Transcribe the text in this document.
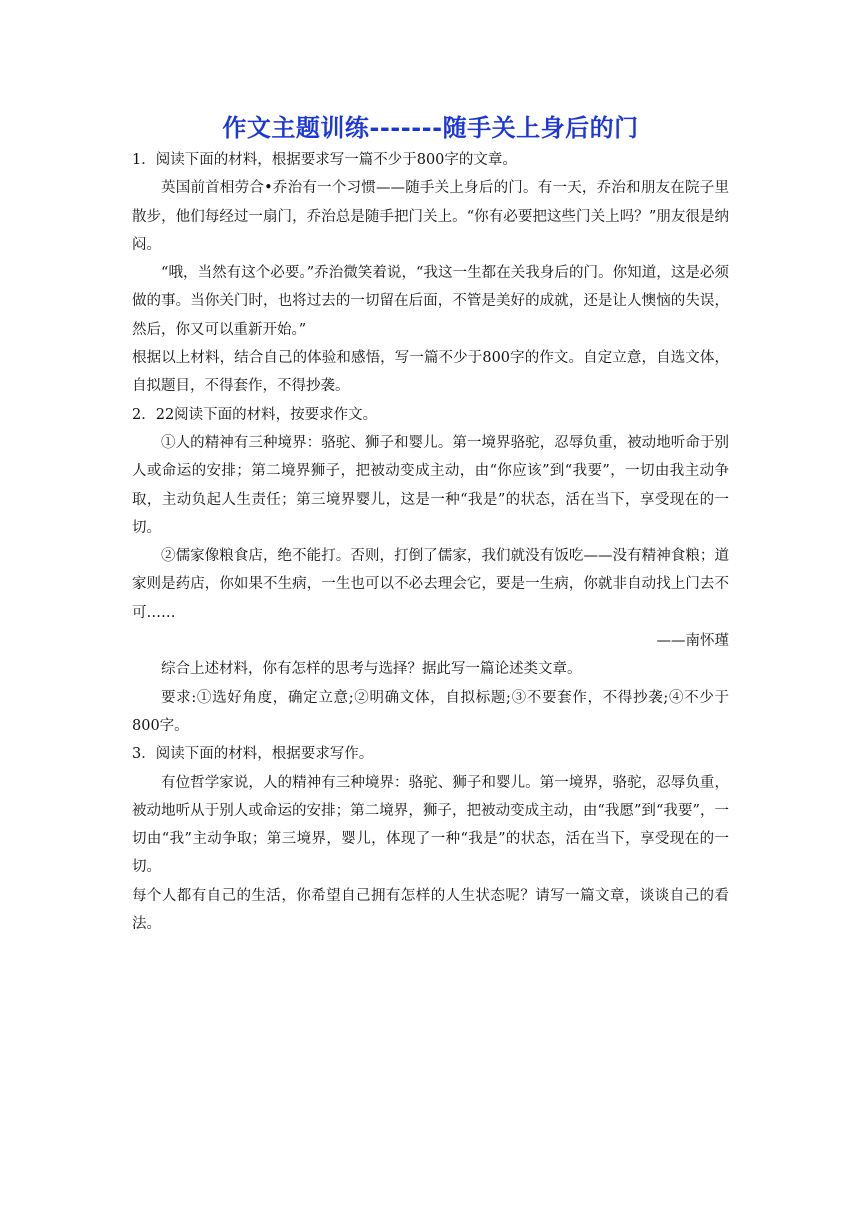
作文主题训练-------随手关上身后的门

1．阅读下面的材料，根据要求写一篇不少于800字的文章。

英国前首相劳合•乔治有一个习惯——随手关上身后的门。有一天，乔治和朋友在院子里散步，他们每经过一扇门，乔治总是随手把门关上。“你有必要把这些门关上吗？”朋友很是纳闷。

“哦，当然有这个必要。”乔治微笑着说，“我这一生都在关我身后的门。你知道，这是必须做的事。当你关门时，也将过去的一切留在后面，不管是美好的成就，还是让人懊恼的失误，然后，你又可以重新开始。”

根据以上材料，结合自己的体验和感悟，写一篇不少于800字的作文。自定立意，自选文体，自拟题目，不得套作，不得抄袭。

2．22阅读下面的材料，按要求作文。

①人的精神有三种境界：骆驼、狮子和婴儿。第一境界骆驼，忍辱负重，被动地听命于别人或命运的安排；第二境界狮子，把被动变成主动，由“你应该”到“我要”，一切由我主动争取，主动负起人生责任；第三境界婴儿，这是一种“我是”的状态，活在当下，享受现在的一切。

②儒家像粮食店，绝不能打。否则，打倒了儒家，我们就没有饭吃——没有精神食粮；道家则是药店，你如果不生病，一生也可以不必去理会它，要是一生病，你就非自动找上门去不可……

——南怀瑾

综合上述材料，你有怎样的思考与选择？据此写一篇论述类文章。

要求:①选好角度，确定立意;②明确文体，自拟标题;③不要套作，不得抄袭;④不少于800字。

3．阅读下面的材料，根据要求写作。

有位哲学家说，人的精神有三种境界：骆驼、狮子和婴儿。第一境界，骆驼，忍辱负重，被动地听从于别人或命运的安排；第二境界，狮子，把被动变成主动，由“我愿”到“我要”，一切由“我”主动争取；第三境界，婴儿，体现了一种“我是”的状态，活在当下，享受现在的一切。

每个人都有自己的生活，你希望自己拥有怎样的人生状态呢？请写一篇文章，谈谈自己的看法。
